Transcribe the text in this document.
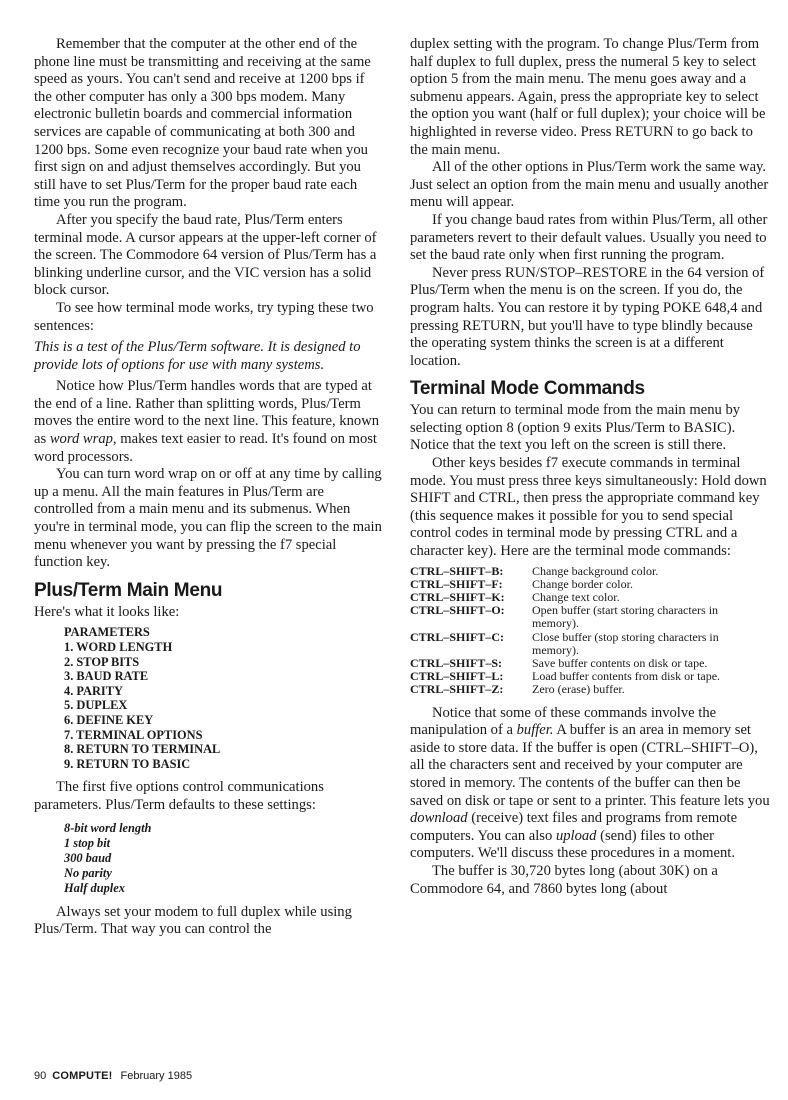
Remember that the computer at the other end of the phone line must be transmitting and receiving at the same speed as yours. You can't send and receive at 1200 bps if the other computer has only a 300 bps modem. Many electronic bulletin boards and commercial information services are capable of communicating at both 300 and 1200 bps. Some even recognize your baud rate when you first sign on and adjust themselves accordingly. But you still have to set Plus/Term for the proper baud rate each time you run the program.

After you specify the baud rate, Plus/Term enters terminal mode. A cursor appears at the upper-left corner of the screen. The Commodore 64 version of Plus/Term has a blinking underline cursor, and the VIC version has a solid block cursor.

To see how terminal mode works, try typing these two sentences:

This is a test of the Plus/Term software. It is designed to provide lots of options for use with many systems.

Notice how Plus/Term handles words that are typed at the end of a line. Rather than splitting words, Plus/Term moves the entire word to the next line. This feature, known as word wrap, makes text easier to read. It's found on most word processors.

You can turn word wrap on or off at any time by calling up a menu. All the main features in Plus/Term are controlled from a main menu and its submenus. When you're in terminal mode, you can flip the screen to the main menu whenever you want by pressing the f7 special function key.

Plus/Term Main Menu

Here's what it looks like:

PARAMETERS
1. WORD LENGTH
2. STOP BITS
3. BAUD RATE
4. PARITY
5. DUPLEX
6. DEFINE KEY
7. TERMINAL OPTIONS
8. RETURN TO TERMINAL
9. RETURN TO BASIC

The first five options control communications parameters. Plus/Term defaults to these settings:

8-bit word length
1 stop bit
300 baud
No parity
Half duplex

Always set your modem to full duplex while using Plus/Term. That way you can control the

duplex setting with the program. To change Plus/Term from half duplex to full duplex, press the numeral 5 key to select option 5 from the main menu. The menu goes away and a submenu appears. Again, press the appropriate key to select the option you want (half or full duplex); your choice will be highlighted in reverse video. Press RETURN to go back to the main menu.

All of the other options in Plus/Term work the same way. Just select an option from the main menu and usually another menu will appear.

If you change baud rates from within Plus/Term, all other parameters revert to their default values. Usually you need to set the baud rate only when first running the program.

Never press RUN/STOP–RESTORE in the 64 version of Plus/Term when the menu is on the screen. If you do, the program halts. You can restore it by typing POKE 648,4 and pressing RETURN, but you'll have to type blindly because the operating system thinks the screen is at a different location.

Terminal Mode Commands

You can return to terminal mode from the main menu by selecting option 8 (option 9 exits Plus/Term to BASIC). Notice that the text you left on the screen is still there.

Other keys besides f7 execute commands in terminal mode. You must press three keys simultaneously: Hold down SHIFT and CTRL, then press the appropriate command key (this sequence makes it possible for you to send special control codes in terminal mode by pressing CTRL and a character key). Here are the terminal mode commands:

CTRL–SHIFT–B:	Change background color.
CTRL–SHIFT–F:	Change border color.
CTRL–SHIFT–K:	Change text color.
CTRL–SHIFT–O:	Open buffer (start storing characters in memory).
CTRL–SHIFT–C:	Close buffer (stop storing characters in memory).
CTRL–SHIFT–S:	Save buffer contents on disk or tape.
CTRL–SHIFT–L:	Load buffer contents from disk or tape.
CTRL–SHIFT–Z:	Zero (erase) buffer.

Notice that some of these commands involve the manipulation of a buffer. A buffer is an area in memory set aside to store data. If the buffer is open (CTRL–SHIFT–O), all the characters sent and received by your computer are stored in memory. The contents of the buffer can then be saved on disk or tape or sent to a printer. This feature lets you download (receive) text files and programs from remote computers. You can also upload (send) files to other computers. We'll discuss these procedures in a moment.

The buffer is 30,720 bytes long (about 30K) on a Commodore 64, and 7860 bytes long (about

90 COMPUTE! February 1985
